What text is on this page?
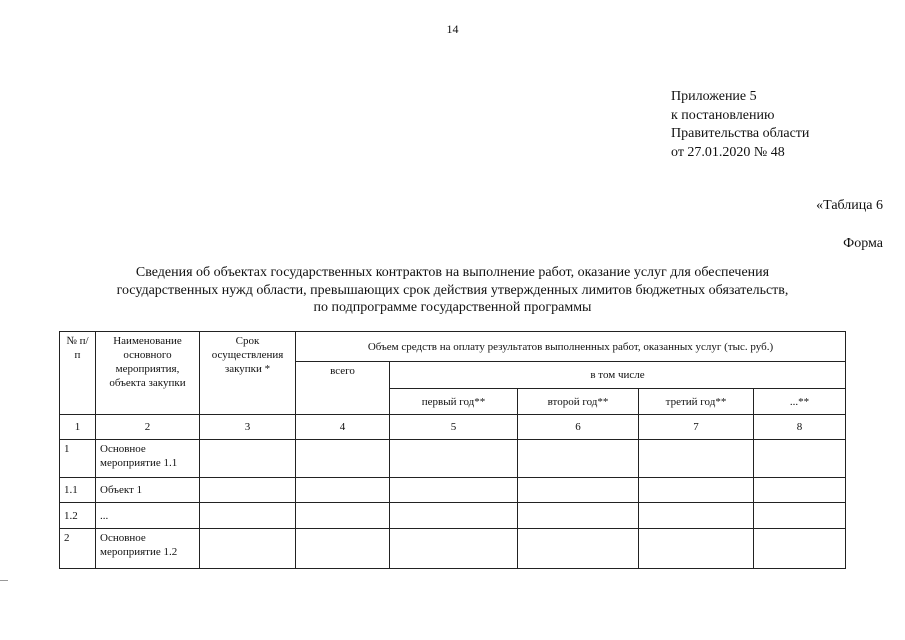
14
Приложение 5
к постановлению
Правительства области
от 27.01.2020 № 48
«Таблица 6
Форма
Сведения об объектах государственных контрактов на выполнение работ, оказание услуг для обеспечения
государственных нужд области, превышающих срок действия утвержденных лимитов бюджетных обязательств,
по подпрограмме государственной программы
№ п/п	Наименование основного мероприятия, объекта закупки	Срок осуществления закупки *	Объем средств на оплату результатов выполненных работ, оказанных услуг (тыс. руб.)				
			всего	в том числе			
				первый год**	второй год**	третий год**	...**
1	2	3	4	5	6	7	8
1	Основное мероприятие 1.1						
1.1	Объект 1						
1.2	...						
2	Основное мероприятие 1.2						
